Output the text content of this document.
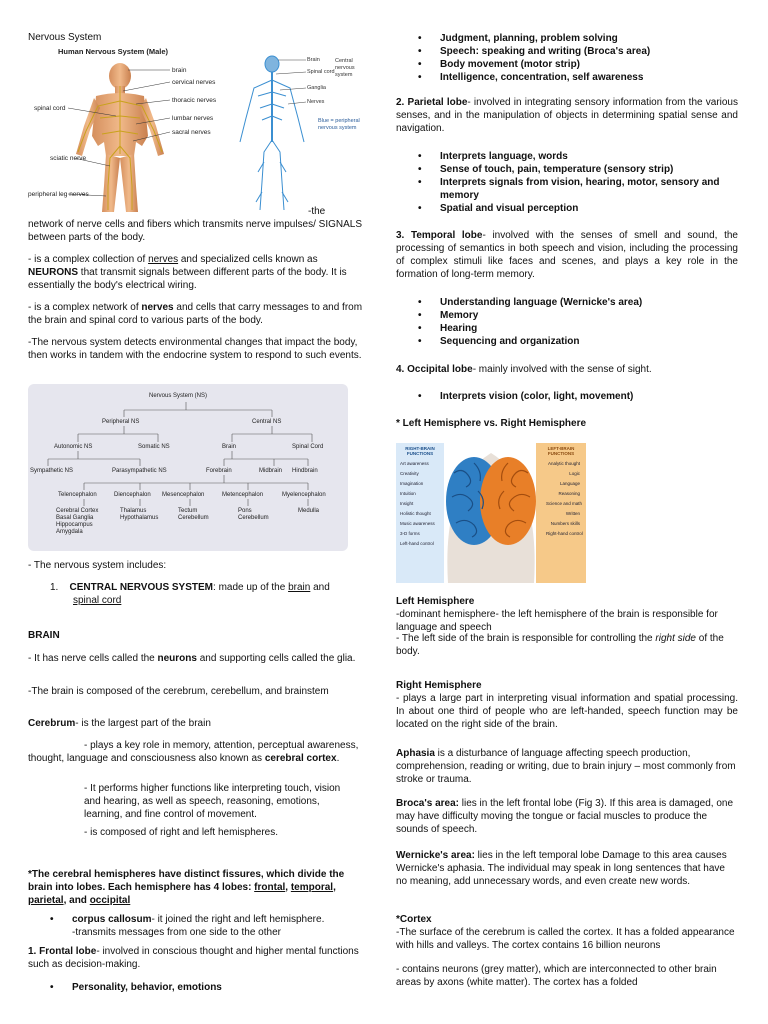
Nervous System
Human Nervous System (Male)
brain
cervical nerves
thoracic nerves
lumbar nerves
sacral nerves
spinal cord
sciatic nerve
peripheral leg nerves
Brain
Spinal cord
Ganglia
Nerves
Central nervous system
Blue = peripheral nervous system
-the

network of nerve cells and fibers which transmits nerve impulses/ SIGNALS between parts of the body.

- is a complex collection of nerves and specialized cells known as NEURONS that transmit signals between different parts of the body. It is essentially the body's electrical wiring.

- is a complex network of nerves and cells that carry messages to and from the brain and spinal cord to various parts of the body.

-The nervous system detects environmental changes that impact the body, then works in tandem with the endocrine system to respond to such events.

Nervous System (NS)
Peripheral NS	Central NS
Autonomic NS	Somatic NS	Brain	Spinal Cord
Sympathetic NS	Parasympathetic NS	Forebrain	Midbrain Hindbrain
Telencephalon	Diencephalon Mesencephalon	Metencephalon	Myelencephalon
Cerebral Cortex
Basal Ganglia
Hippocampus
Amygdala
Thalamus
Hypothalamus
Tectum
Cerebellum
Pons
Cerebellum
Medulla

- The nervous system includes:

1. CENTRAL NERVOUS SYSTEM: made up of the brain and
spinal cord

BRAIN

- It has nerve cells called the neurons and supporting cells called the glia.

-The brain is composed of the cerebrum, cerebellum, and brainstem

Cerebrum- is the largest part of the brain

- plays a key role in memory, attention, perceptual awareness, thought, language and consciousness also known as cerebral cortex.

- It performs higher functions like interpreting touch, vision and hearing, as well as speech, reasoning, emotions, learning, and fine control of movement.

- is composed of right and left hemispheres.

*The cerebral hemispheres have distinct fissures, which divide the brain into lobes. Each hemisphere has 4 lobes: frontal, temporal, parietal, and occipital

• corpus callosum- it joined the right and left hemisphere.
-transmits messages from one side to the other

1. Frontal lobe- involved in conscious thought and higher mental functions such as decision-making.

• Personality, behavior, emotions
• Judgment, planning, problem solving
• Speech: speaking and writing (Broca's area)
• Body movement (motor strip)
• Intelligence, concentration, self awareness

2. Parietal lobe- involved in integrating sensory information from the various senses, and in the manipulation of objects in determining spatial sense and navigation.

• Interprets language, words
• Sense of touch, pain, temperature (sensory strip)
• Interprets signals from vision, hearing, motor, sensory and memory
• Spatial and visual perception

3. Temporal lobe- involved with the senses of smell and sound, the processing of semantics in both speech and vision, including the processing of complex stimuli like faces and scenes, and plays a key role in the formation of long-term memory.

• Understanding language (Wernicke's area)
• Memory
• Hearing
• Sequencing and organization

4. Occipital lobe- mainly involved with the sense of sight.

• Interprets vision (color, light, movement)

* Left Hemisphere vs. Right Hemisphere

RIGHT-BRAIN FUNCTIONS
LEFT-BRAIN FUNCTIONS
Art awareness
Creativity
Imagination
Intuition
Insight
Holistic thought
Music awareness
3-D forms
Left-hand control
Analytic thought
Logic
Language
Reasoning
Science and math
Written
Numbers skills
Right-hand control

Left Hemisphere

-dominant hemisphere- the left hemisphere of the brain is responsible for language and speech

- The left side of the brain is responsible for controlling the right side of the body.

Right Hemisphere

- plays a large part in interpreting visual information and spatial processing. In about one third of people who are left-handed, speech function may be located on the right side of the brain.

Aphasia is a disturbance of language affecting speech production, comprehension, reading or writing, due to brain injury – most commonly from stroke or trauma.

Broca's area: lies in the left frontal lobe (Fig 3). If this area is damaged, one may have difficulty moving the tongue or facial muscles to produce the sounds of speech.

Wernicke's area: lies in the left temporal lobe Damage to this area causes Wernicke's aphasia. The individual may speak in long sentences that have no meaning, add unnecessary words, and even create new words.

*Cortex

-The surface of the cerebrum is called the cortex. It has a folded appearance with hills and valleys. The cortex contains 16 billion neurons

- contains neurons (grey matter), which are interconnected to other brain areas by axons (white matter). The cortex has a folded
